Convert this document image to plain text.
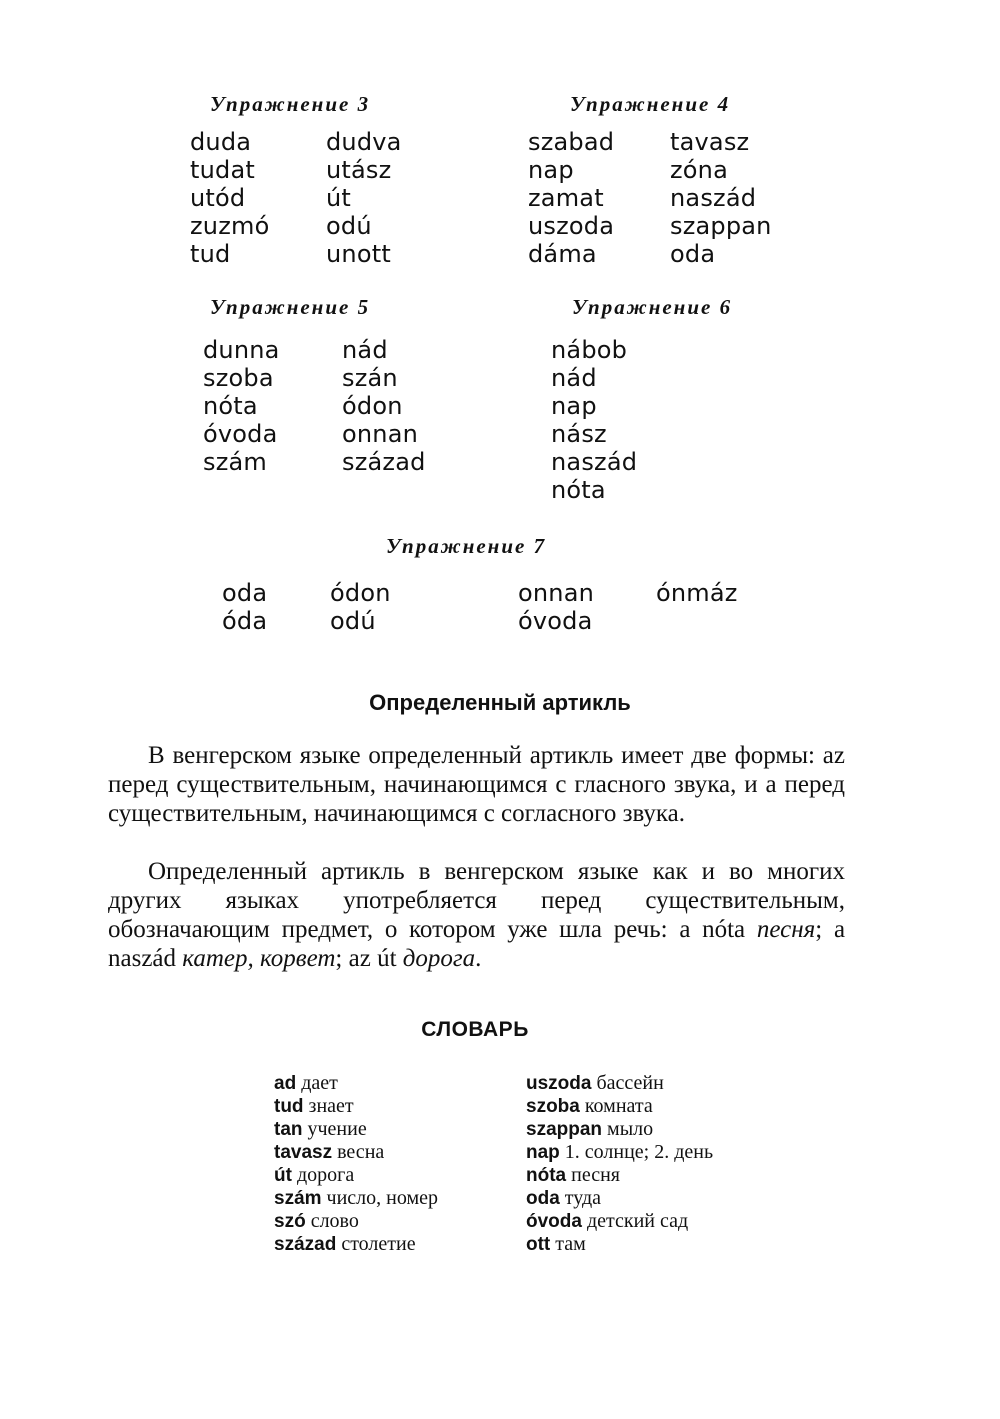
Упражнение 3
duda
tudat
utód
zuzmó
tud
dudva
utász
út
odú
unott
Упражнение 4
szabad
nap
zamat
uszoda
dáma
tavasz
zóna
naszád
szappan
oda
Упражнение 5
dunna
szoba
nóta
óvoda
szám
nád
szán
ódon
onnan
század
Упражнение 6
nábob
nád
nap
nász
naszád
nóta
Упражнение 7
oda
óda
ódon
odú
onnan
óvoda
ónmáz
Определенный артикль
В венгерском языке определенный артикль имеет две формы: az перед существительным, начинающимся с гласного звука, и а перед существительным, начинающимся с согласного звука.
Определенный артикль в венгерском языке как и во многих других языках употребляется перед существительным, обозначающим предмет, о котором уже шла речь: a nóta песня; a naszád катер, корвет; az út дорога.
СЛОВАРЬ
ad дает
tud знает
tan учение
tavasz весна
út дорога
szám число, номер
szó слово
század столетие
uszoda бассейн
szoba комната
szappan мыло
nap 1. солнце; 2. день
nóta песня
oda туда
óvoda детский сад
ott там
